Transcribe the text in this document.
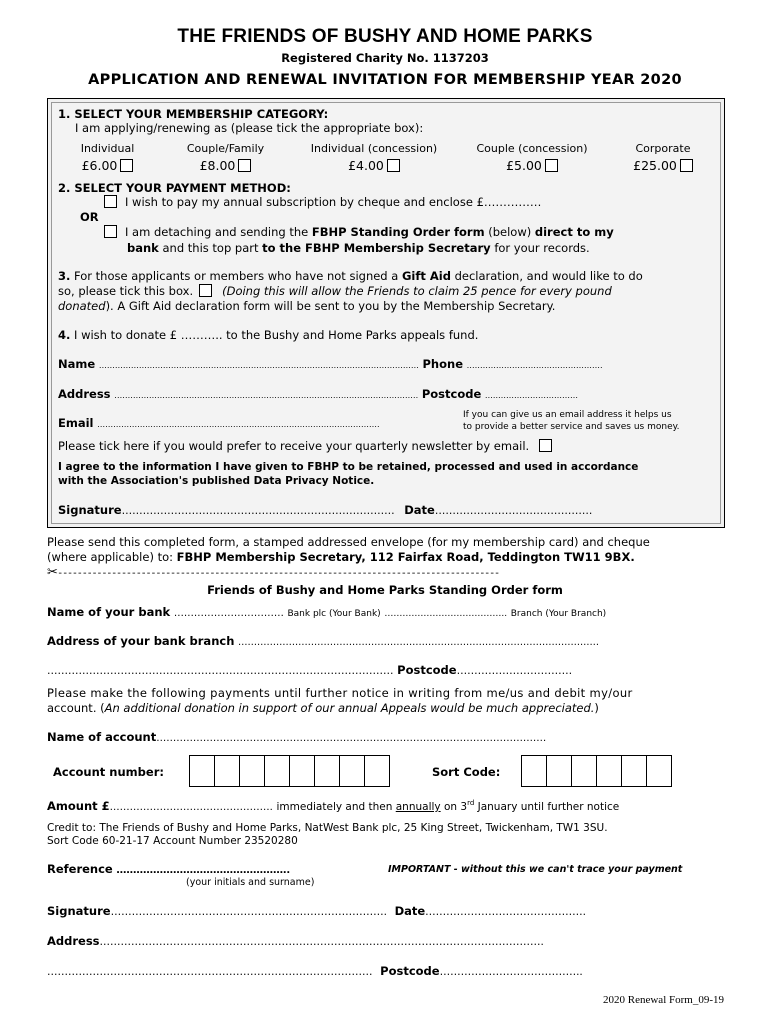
THE FRIENDS OF BUSHY AND HOME PARKS
Registered Charity No. 1137203
APPLICATION AND RENEWAL INVITATION FOR MEMBERSHIP YEAR 2020
1. SELECT YOUR MEMBERSHIP CATEGORY:
I am applying/renewing as (please tick the appropriate box):
Individual
£6.00
Couple/Family
£8.00
Individual (concession)
£4.00
Couple (concession)
£5.00
Corporate
£25.00
2. SELECT YOUR PAYMENT METHOD:
I wish to pay my annual subscription by cheque and enclose £……………
OR
I am detaching and sending the FBHP Standing Order form (below) direct to my
bank and this top part to the FBHP Membership Secretary for your records.
3. For those applicants or members who have not signed a Gift Aid declaration, and would like to do
so, please tick this box.	(Doing this will allow the Friends to claim 25 pence for every pound
donated). A Gift Aid declaration form will be sent to you by the Membership Secretary.
4. I wish to donate £ ……….. to the Bushy and Home Parks appeals fund.
Name ………………………………………………………………………………………………………… Phone ……………………………………………
Address …………………………………………………………………………………………………… Postcode …..…………………………
Email ……………….……………………………………………………………………………
If you can give us an email address it helps us
to provide a better service and saves us money.
Please tick here if you would prefer to receive your quarterly newsletter by email.
I agree to the information I have given to FBHP to be retained, processed and used in accordance
with the Association's published Data Privacy Notice.
Signature…………………………………………………………………… Date………………………………………
Please send this completed form, a stamped addressed envelope (for my membership card) and cheque
(where applicable) to: FBHP Membership Secretary, 112 Fairfax Road, Teddington TW11 9BX.
✂------------------------------------------------------------------------------------------
Friends of Bushy and Home Parks Standing Order form
Name of your bank …………………………… Bank plc (Your Bank) ………………………………….. Branch (Your Branch)
Address of your bank branch ……………………………………………………………………………………………………
……………………………………………………………………………………… Postcode……………………………
Please make the following payments until further notice in writing from me/us and debit my/our
account. (An additional donation in support of our annual Appeals would be much appreciated.)
Name of account………………………………………………………………………………………………………
Account number:	Sort Code:
Amount £…………………………………………. immediately and then annually on 3rd January until further notice
Credit to: The Friends of Bushy and Home Parks, NatWest Bank plc, 25 King Street, Twickenham, TW1 3SU.
Sort Code 60-21-17 Account Number 23520280
Reference …………………………………………….	IMPORTANT - without this we can't trace your payment
(your initials and surname)
Signature……………………………………………………………………. Date……………………………………….
Address……………………………………………………………………………………………………………….
………………………………………………………………………………… Postcode…………………………………..
2020 Renewal Form_09-19
